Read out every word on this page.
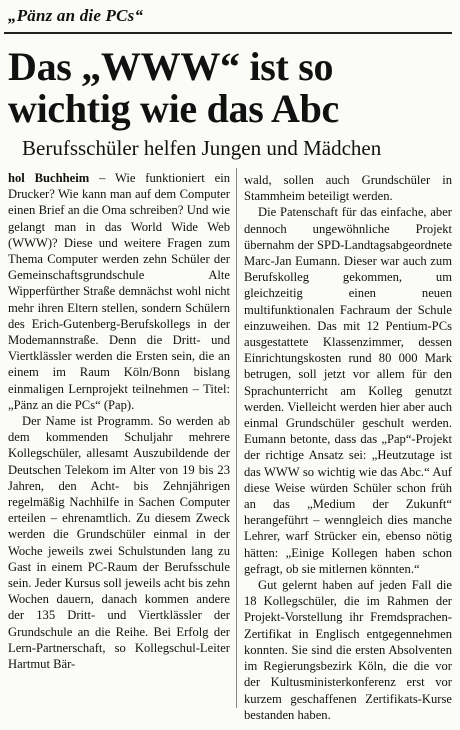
„Pänz an die PCs“
Das „WWW“ ist so wichtig wie das Abc
Berufsschüler helfen Jungen und Mädchen

hol Buchheim – Wie funktioniert ein Drucker? Wie kann man auf dem Computer einen Brief an die Oma schreiben? Und wie gelangt man in das World Wide Web (WWW)? Diese und weitere Fragen zum Thema Computer werden zehn Schüler der Gemeinschaftsgrundschule Alte Wipperfürther Straße demnächst wohl nicht mehr ihren Eltern stellen, sondern Schülern des Erich-Gutenberg-Berufskollegs in der Modemannstraße. Denn die Dritt- und Viertklässler werden die Ersten sein, die an einem im Raum Köln/Bonn bislang einmaligen Lernprojekt teilnehmen – Titel: „Pänz an die PCs“ (Pap).

Der Name ist Programm. So werden ab dem kommenden Schuljahr mehrere Kollegschüler, allesamt Auszubildende der Deutschen Telekom im Alter von 19 bis 23 Jahren, den Acht- bis Zehnjährigen regelmäßig Nachhilfe in Sachen Computer erteilen – ehrenamtlich. Zu diesem Zweck werden die Grundschüler einmal in der Woche jeweils zwei Schulstunden lang zu Gast in einem PC-Raum der Berufsschule sein. Jeder Kursus soll jeweils acht bis zehn Wochen dauern, danach kommen andere der 135 Dritt- und Viertklässler der Grundschule an die Reihe. Bei Erfolg der Lern-Partnerschaft, so Kollegschul-Leiter Hartmut Bär-

wald, sollen auch Grundschüler in Stammheim beteiligt werden.

Die Patenschaft für das einfache, aber dennoch ungewöhnliche Projekt übernahm der SPD-Landtagsabgeordnete Marc-Jan Eumann. Dieser war auch zum Berufskolleg gekommen, um gleichzeitig einen neuen multifunktionalen Fachraum der Schule einzuweihen. Das mit 12 Pentium-PCs ausgestattete Klassenzimmer, dessen Einrichtungskosten rund 80 000 Mark betrugen, soll jetzt vor allem für den Sprachunterricht am Kolleg genutzt werden. Vielleicht werden hier aber auch einmal Grundschüler geschult werden. Eumann betonte, dass das „Pap“-Projekt der richtige Ansatz sei: „Heutzutage ist das WWW so wichtig wie das Abc.“ Auf diese Weise würden Schüler schon früh an das „Medium der Zukunft“ herangeführt – wenngleich dies manche Lehrer, warf Strücker ein, ebenso nötig hätten: „Einige Kollegen haben schon gefragt, ob sie mitlernen könnten.“

Gut gelernt haben auf jeden Fall die 18 Kollegschüler, die im Rahmen der Projekt-Vorstellung ihr Fremdsprachen-Zertifikat in Englisch entgegennehmen konnten. Sie sind die ersten Absolventen im Regierungsbezirk Köln, die die vor der Kultusministerkonferenz erst vor kurzem geschaffenen Zertifikats-Kurse bestanden haben.
